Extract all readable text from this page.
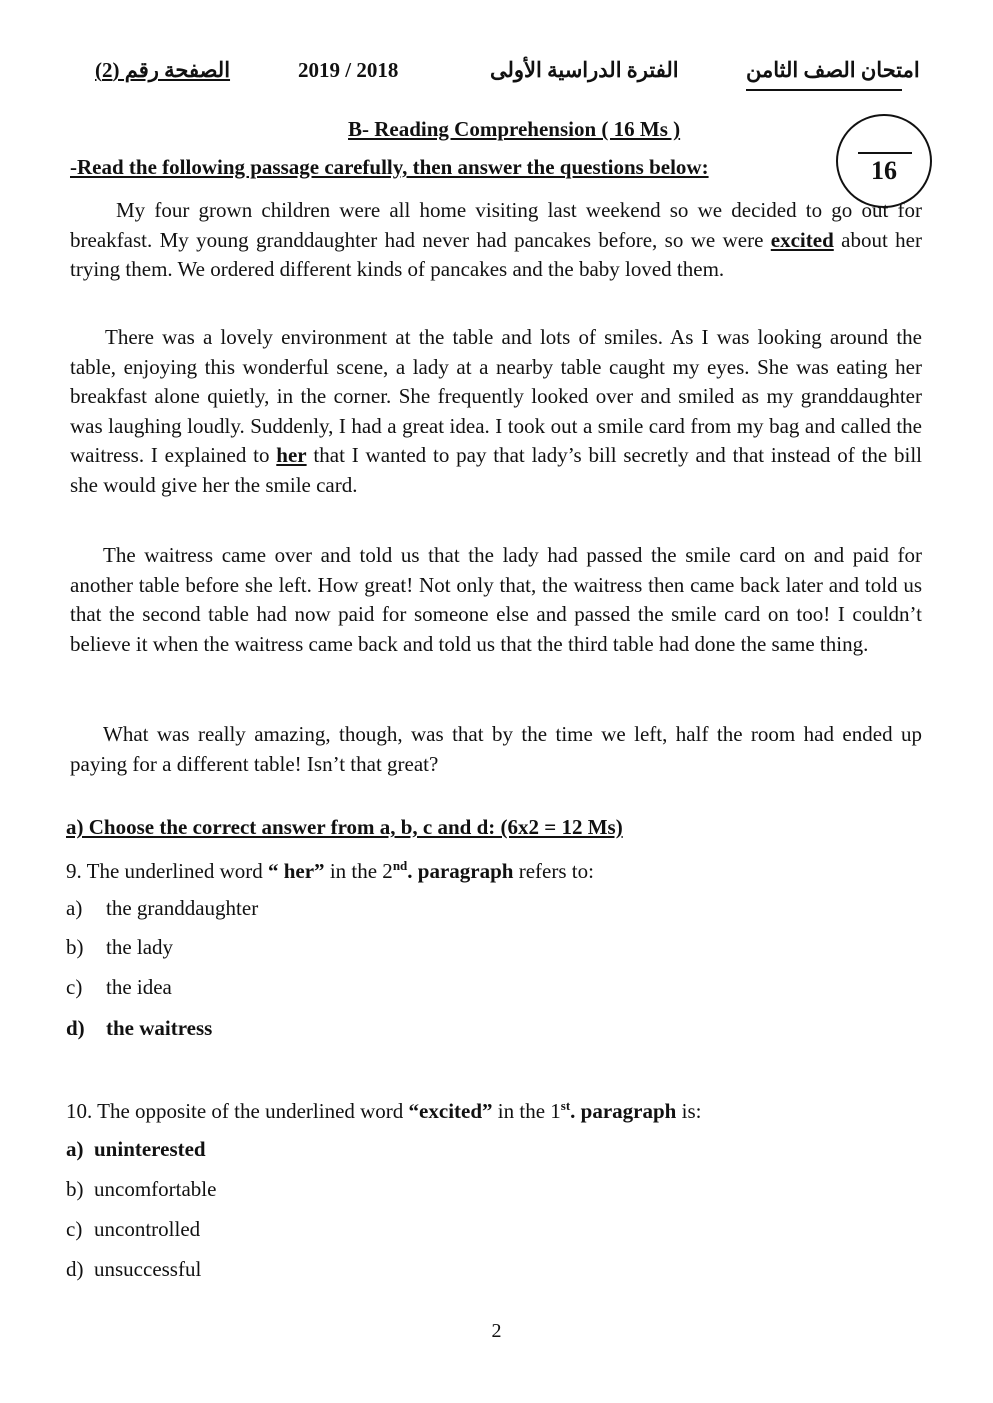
الصفحة رقم (2)	2019 / 2018	الفترة الدراسية الأولى	امتحان الصف الثامن
16
B- Reading Comprehension ( 16 Ms )
-Read the following passage carefully, then answer the questions below:

My four grown children were all home visiting last weekend so we decided to go out for breakfast. My young granddaughter had never had pancakes before, so we were excited about her trying them. We ordered different kinds of pancakes and the baby loved them.

There was a lovely environment at the table and lots of smiles. As I was looking around the table, enjoying this wonderful scene, a lady at a nearby table caught my eyes. She was eating her breakfast alone quietly, in the corner. She frequently looked over and smiled as my granddaughter was laughing loudly. Suddenly, I had a great idea. I took out a smile card from my bag and called the waitress. I explained to her that I wanted to pay that lady’s bill secretly and that instead of the bill she would give her the smile card.

The waitress came over and told us that the lady had passed the smile card on and paid for another table before she left. How great! Not only that, the waitress then came back later and told us that the second table had now paid for someone else and passed the smile card on too! I couldn’t believe it when the waitress came back and told us that the third table had done the same thing.

What was really amazing, though, was that by the time we left, half the room had ended up paying for a different table! Isn’t that great?

a) Choose the correct answer from a, b, c and d: (6x2 = 12 Ms)
9. The underlined word “ her” in the 2nd. paragraph refers to:
a) the granddaughter
b) the lady
c) the idea
d) the waitress
10. The opposite of the underlined word “excited” in the 1st. paragraph is:
a) uninterested
b) uncomfortable
c) uncontrolled
d) unsuccessful
2
